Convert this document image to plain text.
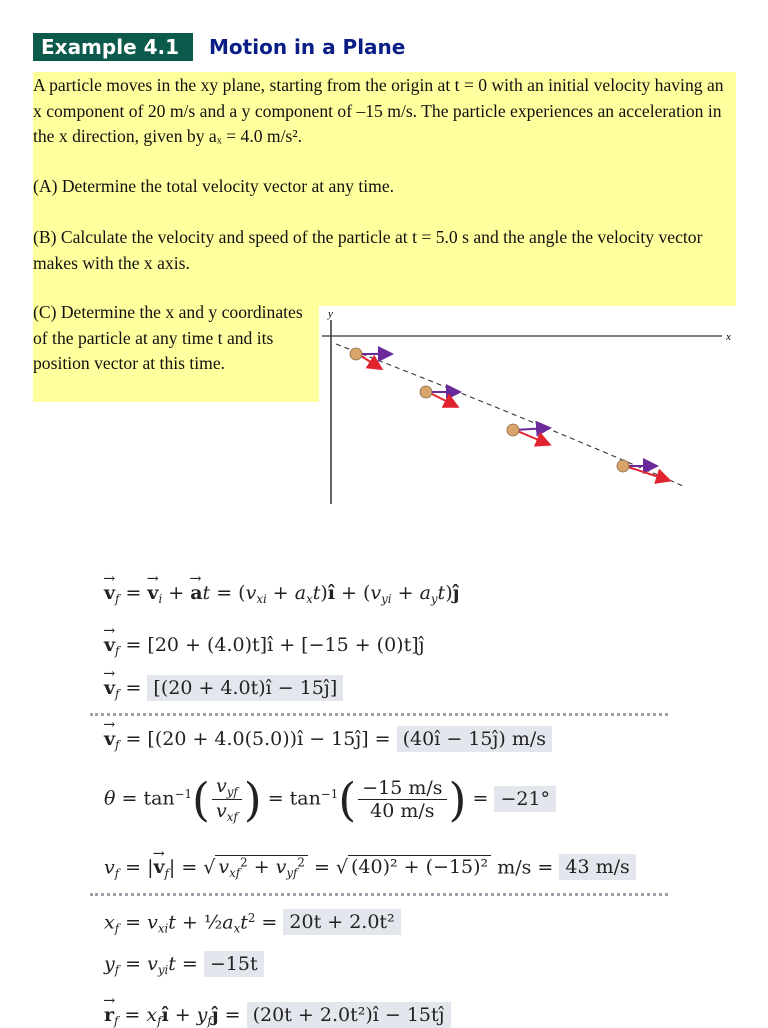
Example 4.1	Motion in a Plane
A particle moves in the xy plane, starting from the origin at t = 0 with an initial velocity having an x component of 20 m/s and a y component of –15 m/s. The particle experiences an acceleration in the x direction, given by aₓ = 4.0 m/s².
(A) Determine the total velocity vector at any time.
(B) Calculate the velocity and speed of the particle at t = 5.0 s and the angle the velocity vector makes with the x axis.
(C) Determine the x and y coordinates of the particle at any time t and its position vector at this time.
y
x
→ $v_f$ = → $v_i$ + → at = ($v_{xi}$ + $a_xt)î + (v_{yi}$ + $a_yt)ĵ$
→ $v_f = [20$ + (4.0)t]î + [−15 + (0)t]ĵ
→ $v_f = [(20$ + 4.0t)î − 15ĵ]
→ $v_f = [(20$ + 4.0(5.0))î − 15ĵ] = (40î − 15ĵ) m/s
$\theta = \tan^{-1}( \frac{v_{yf}}{v_{xf}}$ ) = $\tan^{-1}( \frac{-15 m/s}{40 m/s}$ ) = −21°
$v_f$ = |→ $v_f|$ = √ $v_{xf}^2 + v_{yf}^2$ = √ (40)² + (−15)² m/s = 43 m/s
$x_f = v_{xi}t$ + $\frac{1}{2}a_xt^2 = 20t + 2.0t^2$
$y_f = v_{yi}t = -15t$
→ $r_f$ = $x_fî$ + $y_fĵ = (20t$ + 2.0t²)î − 15tĵ
